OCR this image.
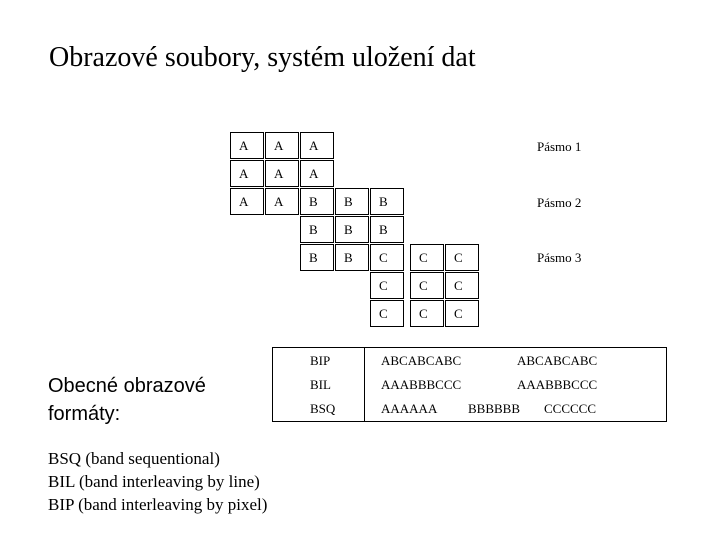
Obrazové soubory, systém uložení dat
A	A	A
A	A	A
A	A	B	B	B
B	B	B
B	B	C	C	C
C	C	C
C	C	C
Pásmo 1
Pásmo 2
Pásmo 3
Obecné obrazové
formáty:
BIP	ABCABCABC	ABCABCABC
BIL	AAABBBCCC	AAABBBCCC
BSQ	AAAAAA BBBBBB CCCCCC
BSQ (band sequentional)
BIL (band interleaving by line)
BIP (band interleaving by pixel)
